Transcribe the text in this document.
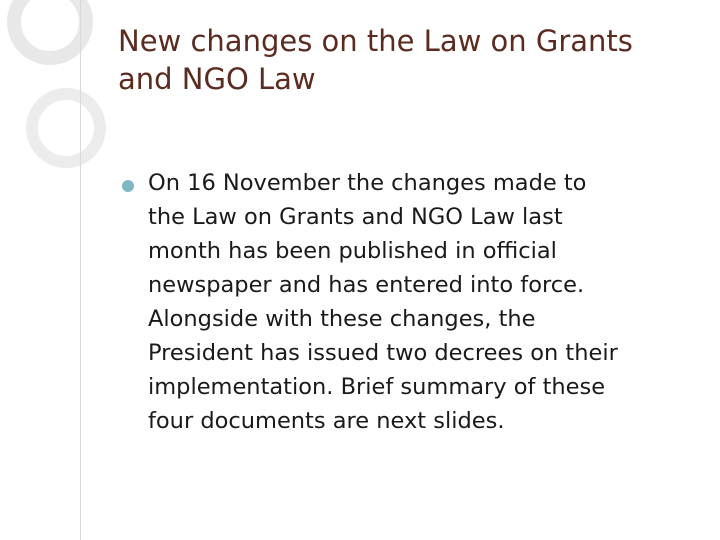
New changes on the Law on Grants
and NGO Law

On 16 November the changes made to
the Law on Grants and NGO Law last
month has been published in official
newspaper and has entered into force.
Alongside with these changes, the
President has issued two decrees on their
implementation. Brief summary of these
four documents are next slides.
